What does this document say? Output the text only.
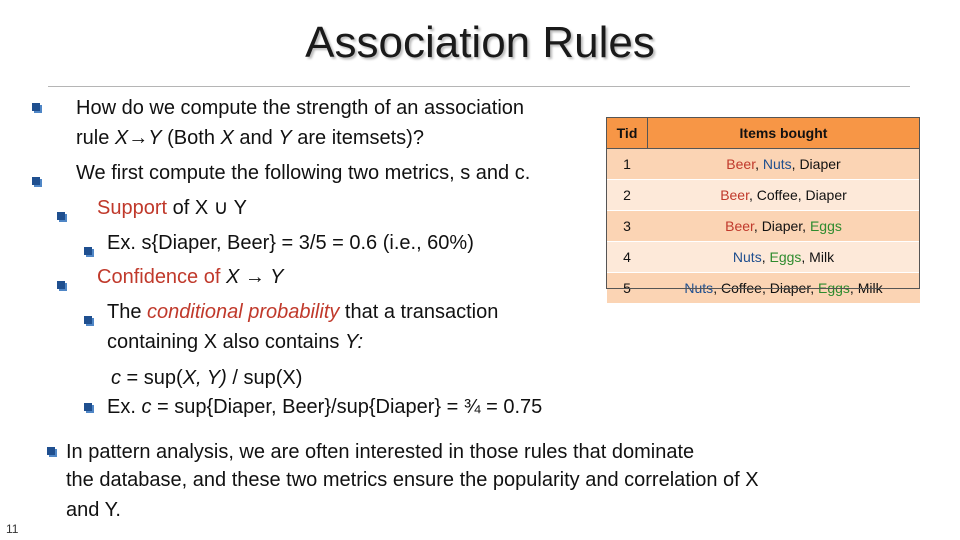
Association Rules
How do we compute the strength of an association
rule X→Y (Both X and Y are itemsets)?
We first compute the following two metrics, s and c.
Support of X ∪ Y
Ex. s{Diaper, Beer} = 3/5 = 0.6 (i.e., 60%)
Confidence of X → Y
The conditional probability that a transaction
containing X also contains Y:
c = sup(X, Y) / sup(X)
Ex. c = sup{Diaper, Beer}/sup{Diaper} = ¾ = 0.75
In pattern analysis, we are often interested in those rules that dominate
the database, and these two metrics ensure the popularity and correlation of X
and Y.
Tid	Items bought
1	Beer, Nuts, Diaper
2	Beer, Coffee, Diaper
3	Beer, Diaper, Eggs
4	Nuts, Eggs, Milk
5	Nuts, Coffee, Diaper, Eggs, Milk
11
